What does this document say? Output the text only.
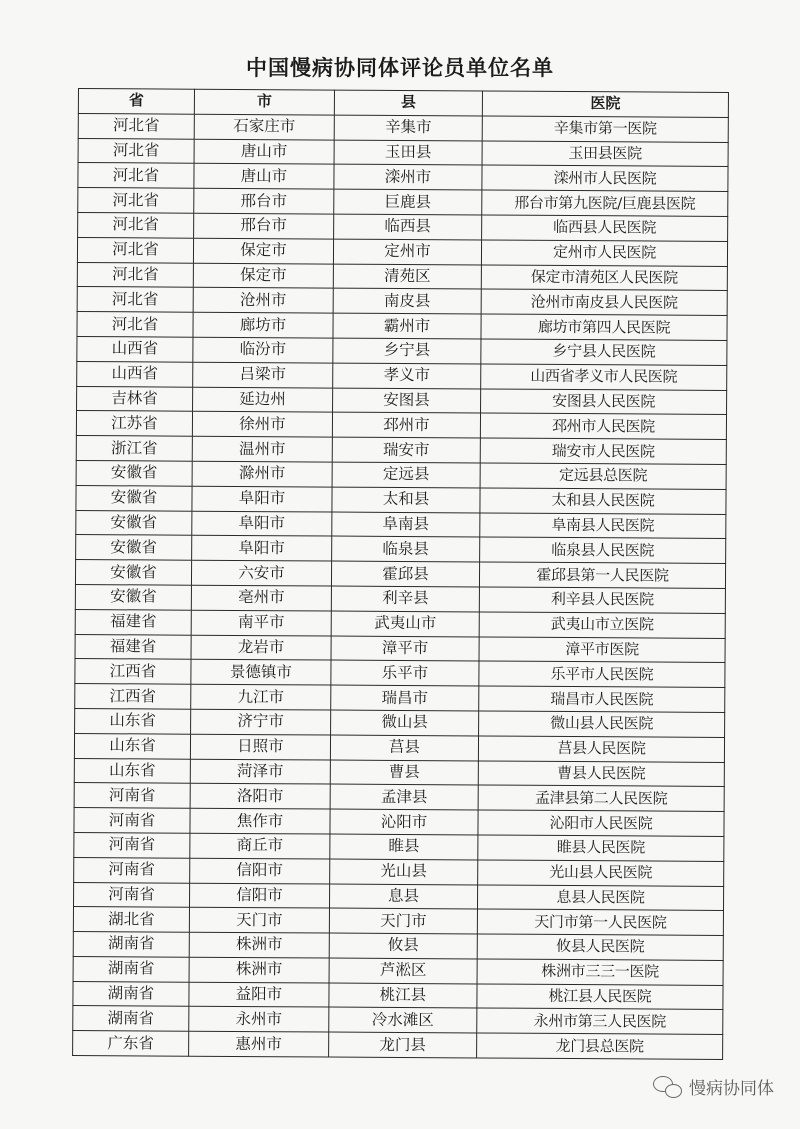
中国慢病协同体评论员单位名单
省	市	县	医院
河北省	石家庄市	辛集市	辛集市第一医院
河北省	唐山市	玉田县	玉田县医院
河北省	唐山市	滦州市	滦州市人民医院
河北省	邢台市	巨鹿县	邢台市第九医院/巨鹿县医院
河北省	邢台市	临西县	临西县人民医院
河北省	保定市	定州市	定州市人民医院
河北省	保定市	清苑区	保定市清苑区人民医院
河北省	沧州市	南皮县	沧州市南皮县人民医院
河北省	廊坊市	霸州市	廊坊市第四人民医院
山西省	临汾市	乡宁县	乡宁县人民医院
山西省	吕梁市	孝义市	山西省孝义市人民医院
吉林省	延边州	安图县	安图县人民医院
江苏省	徐州市	邳州市	邳州市人民医院
浙江省	温州市	瑞安市	瑞安市人民医院
安徽省	滁州市	定远县	定远县总医院
安徽省	阜阳市	太和县	太和县人民医院
安徽省	阜阳市	阜南县	阜南县人民医院
安徽省	阜阳市	临泉县	临泉县人民医院
安徽省	六安市	霍邱县	霍邱县第一人民医院
安徽省	亳州市	利辛县	利辛县人民医院
福建省	南平市	武夷山市	武夷山市立医院
福建省	龙岩市	漳平市	漳平市医院
江西省	景德镇市	乐平市	乐平市人民医院
江西省	九江市	瑞昌市	瑞昌市人民医院
山东省	济宁市	微山县	微山县人民医院
山东省	日照市	莒县	莒县人民医院
山东省	菏泽市	曹县	曹县人民医院
河南省	洛阳市	孟津县	孟津县第二人民医院
河南省	焦作市	沁阳市	沁阳市人民医院
河南省	商丘市	睢县	睢县人民医院
河南省	信阳市	光山县	光山县人民医院
河南省	信阳市	息县	息县人民医院
湖北省	天门市	天门市	天门市第一人民医院
湖南省	株洲市	攸县	攸县人民医院
湖南省	株洲市	芦淞区	株洲市三三一医院
湖南省	益阳市	桃江县	桃江县人民医院
湖南省	永州市	冷水滩区	永州市第三人民医院
广东省	惠州市	龙门县	龙门县总医院
慢病协同体
